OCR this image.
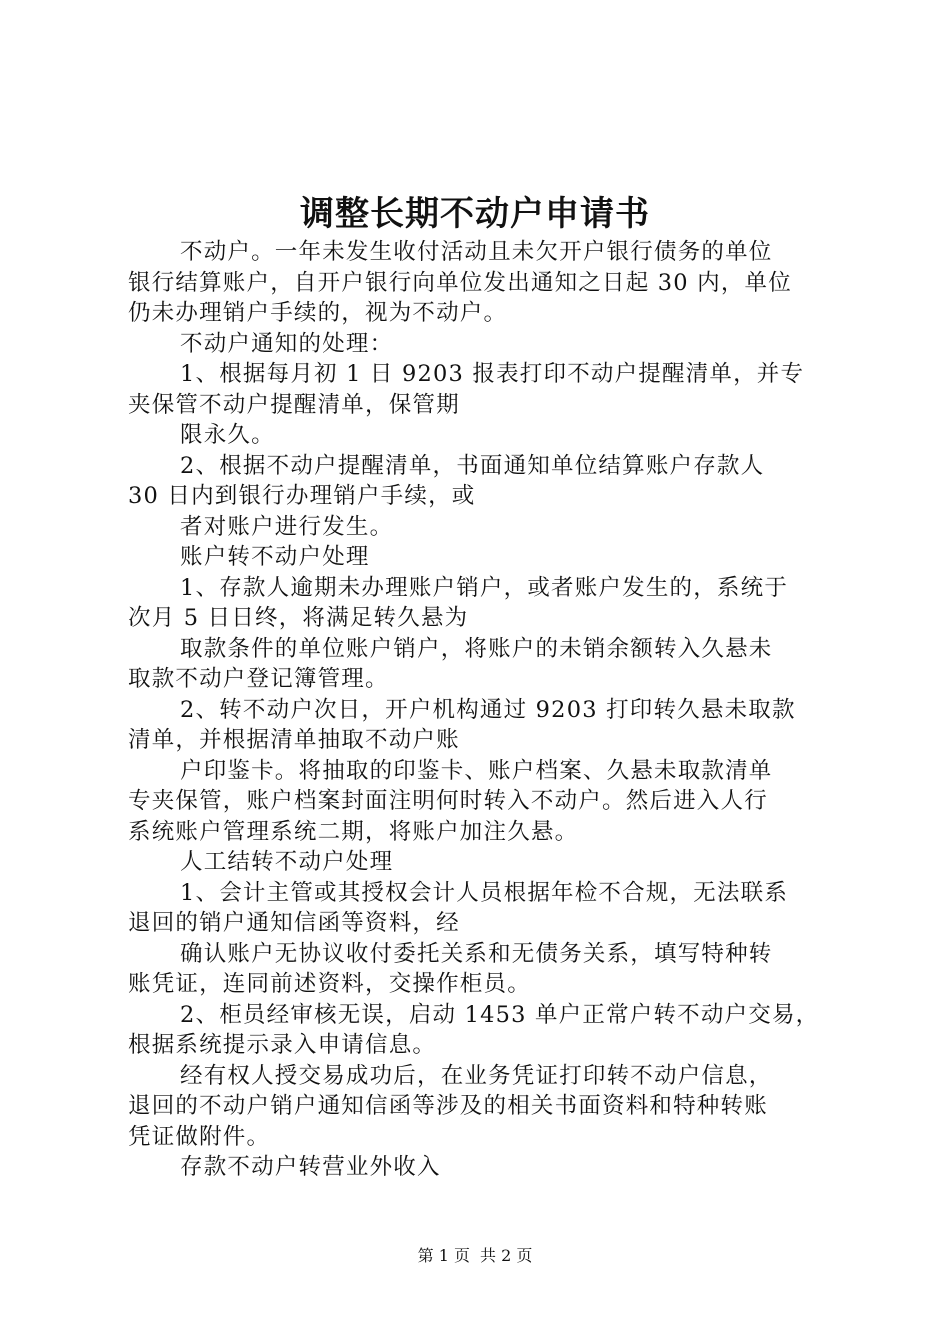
调整长期不动户申请书

不动户。一年未发生收付活动且未欠开户银行债务的单位

银行结算账户，自开户银行向单位发出通知之日起 30 内，单位

仍未办理销户手续的，视为不动户。

不动户通知的处理：

1、根据每月初 1 日 9203 报表打印不动户提醒清单，并专

夹保管不动户提醒清单，保管期

限永久。

2、根据不动户提醒清单，书面通知单位结算账户存款人

30 日内到银行办理销户手续，或

者对账户进行发生。

账户转不动户处理

1、存款人逾期未办理账户销户，或者账户发生的，系统于

次月 5 日日终，将满足转久悬为

取款条件的单位账户销户，将账户的未销余额转入久悬未

取款不动户登记簿管理。

2、转不动户次日，开户机构通过 9203 打印转久悬未取款

清单，并根据清单抽取不动户账

户印鉴卡。将抽取的印鉴卡、账户档案、久悬未取款清单

专夹保管，账户档案封面注明何时转入不动户。然后进入人行

系统账户管理系统二期，将账户加注久悬。

人工结转不动户处理

1、会计主管或其授权会计人员根据年检不合规，无法联系

退回的销户通知信函等资料，经

确认账户无协议收付委托关系和无债务关系，填写特种转

账凭证，连同前述资料，交操作柜员。

2、柜员经审核无误，启动 1453 单户正常户转不动户交易，

根据系统提示录入申请信息。

经有权人授交易成功后，在业务凭证打印转不动户信息，

退回的不动户销户通知信函等涉及的相关书面资料和特种转账

凭证做附件。

存款不动户转营业外收入

第 1 页 共 2 页
